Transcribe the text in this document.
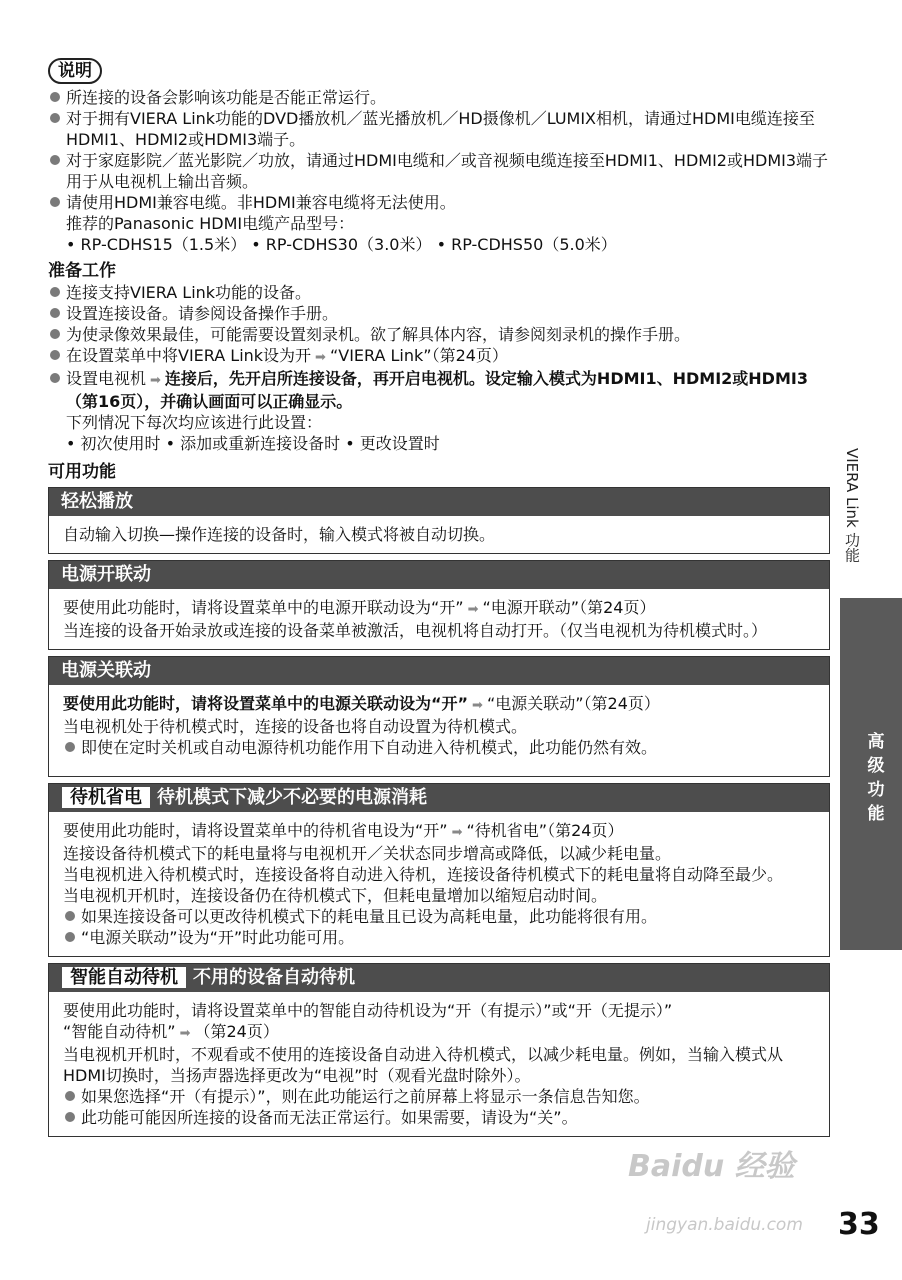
说明
所连接的设备会影响该功能是否能正常运行。
对于拥有VIERA Link功能的DVD播放机／蓝光播放机／HD摄像机／LUMIX相机，请通过HDMI电缆连接至HDMI1、HDMI2或HDMI3端子。
对于家庭影院／蓝光影院／功放，请通过HDMI电缆和／或音视频电缆连接至HDMI1、HDMI2或HDMI3端子用于从电视机上输出音频。
请使用HDMI兼容电缆。非HDMI兼容电缆将无法使用。
推荐的Panasonic HDMI电缆产品型号：
• RP-CDHS15（1.5米） • RP-CDHS30（3.0米） • RP-CDHS50（5.0米）
准备工作
连接支持VIERA Link功能的设备。
设置连接设备。请参阅设备操作手册。
为使录像效果最佳，可能需要设置刻录机。欲了解具体内容，请参阅刻录机的操作手册。
在设置菜单中将VIERA Link设为开 ➡ “VIERA Link”（第24页）
设置电视机 ➡ 连接后，先开启所连接设备，再开启电视机。设定输入模式为HDMI1、HDMI2或HDMI3（第16页），并确认画面可以正确显示。
下列情况下每次均应该进行此设置：
• 初次使用时 • 添加或重新连接设备时 • 更改设置时
可用功能
轻松播放
自动输入切换—操作连接的设备时，输入模式将被自动切换。
电源开联动
要使用此功能时，请将设置菜单中的电源开联动设为“开” ➡ “电源开联动”（第24页）
当连接的设备开始录放或连接的设备菜单被激活，电视机将自动打开。（仅当电视机为待机模式时。）
电源关联动
要使用此功能时，请将设置菜单中的电源关联动设为“开” ➡ “电源关联动”（第24页）
当电视机处于待机模式时，连接的设备也将自动设置为待机模式。
即使在定时关机或自动电源待机功能作用下自动进入待机模式，此功能仍然有效。
待机省电 待机模式下减少不必要的电源消耗
要使用此功能时，请将设置菜单中的待机省电设为“开” ➡ “待机省电”（第24页）
连接设备待机模式下的耗电量将与电视机开／关状态同步增高或降低，以减少耗电量。
当电视机进入待机模式时，连接设备将自动进入待机，连接设备待机模式下的耗电量将自动降至最少。
当电视机开机时，连接设备仍在待机模式下，但耗电量增加以缩短启动时间。
如果连接设备可以更改待机模式下的耗电量且已设为高耗电量，此功能将很有用。
“电源关联动”设为“开”时此功能可用。
智能自动待机 不用的设备自动待机
要使用此功能时，请将设置菜单中的智能自动待机设为“开（有提示）”或“开（无提示）”
“智能自动待机” ➡ （第24页）
当电视机开机时，不观看或不使用的连接设备自动进入待机模式，以减少耗电量。例如，当输入模式从HDMI切换时，当扬声器选择更改为“电视”时（观看光盘时除外）。
如果您选择“开（有提示）”，则在此功能运行之前屏幕上将显示一条信息告知您。
此功能可能因所连接的设备而无法正常运行。如果需要，请设为“关”。
VIERA Link 功能
高级功能
Baidu 经验
jingyan.baidu.com 33
